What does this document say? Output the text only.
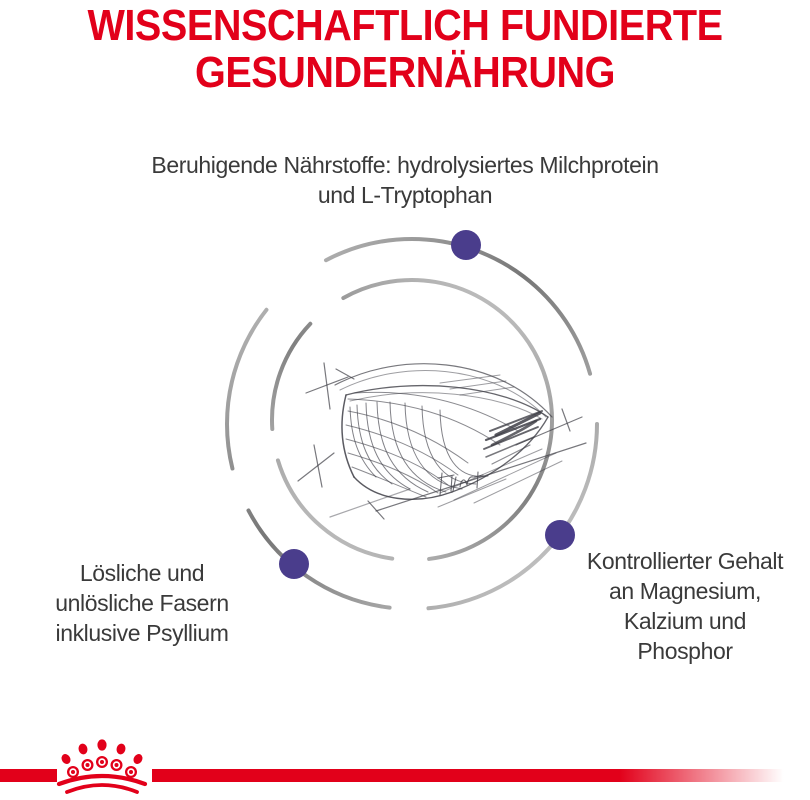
WISSENSCHAFTLICH FUNDIERTE
GESUNDERNÄHRUNG
Beruhigende Nährstoffe: hydrolysiertes Milchprotein
und L-Tryptophan
Lösliche und
unlösliche Fasern
inklusive Psyllium
Kontrollierter Gehalt
an Magnesium,
Kalzium und
Phosphor
